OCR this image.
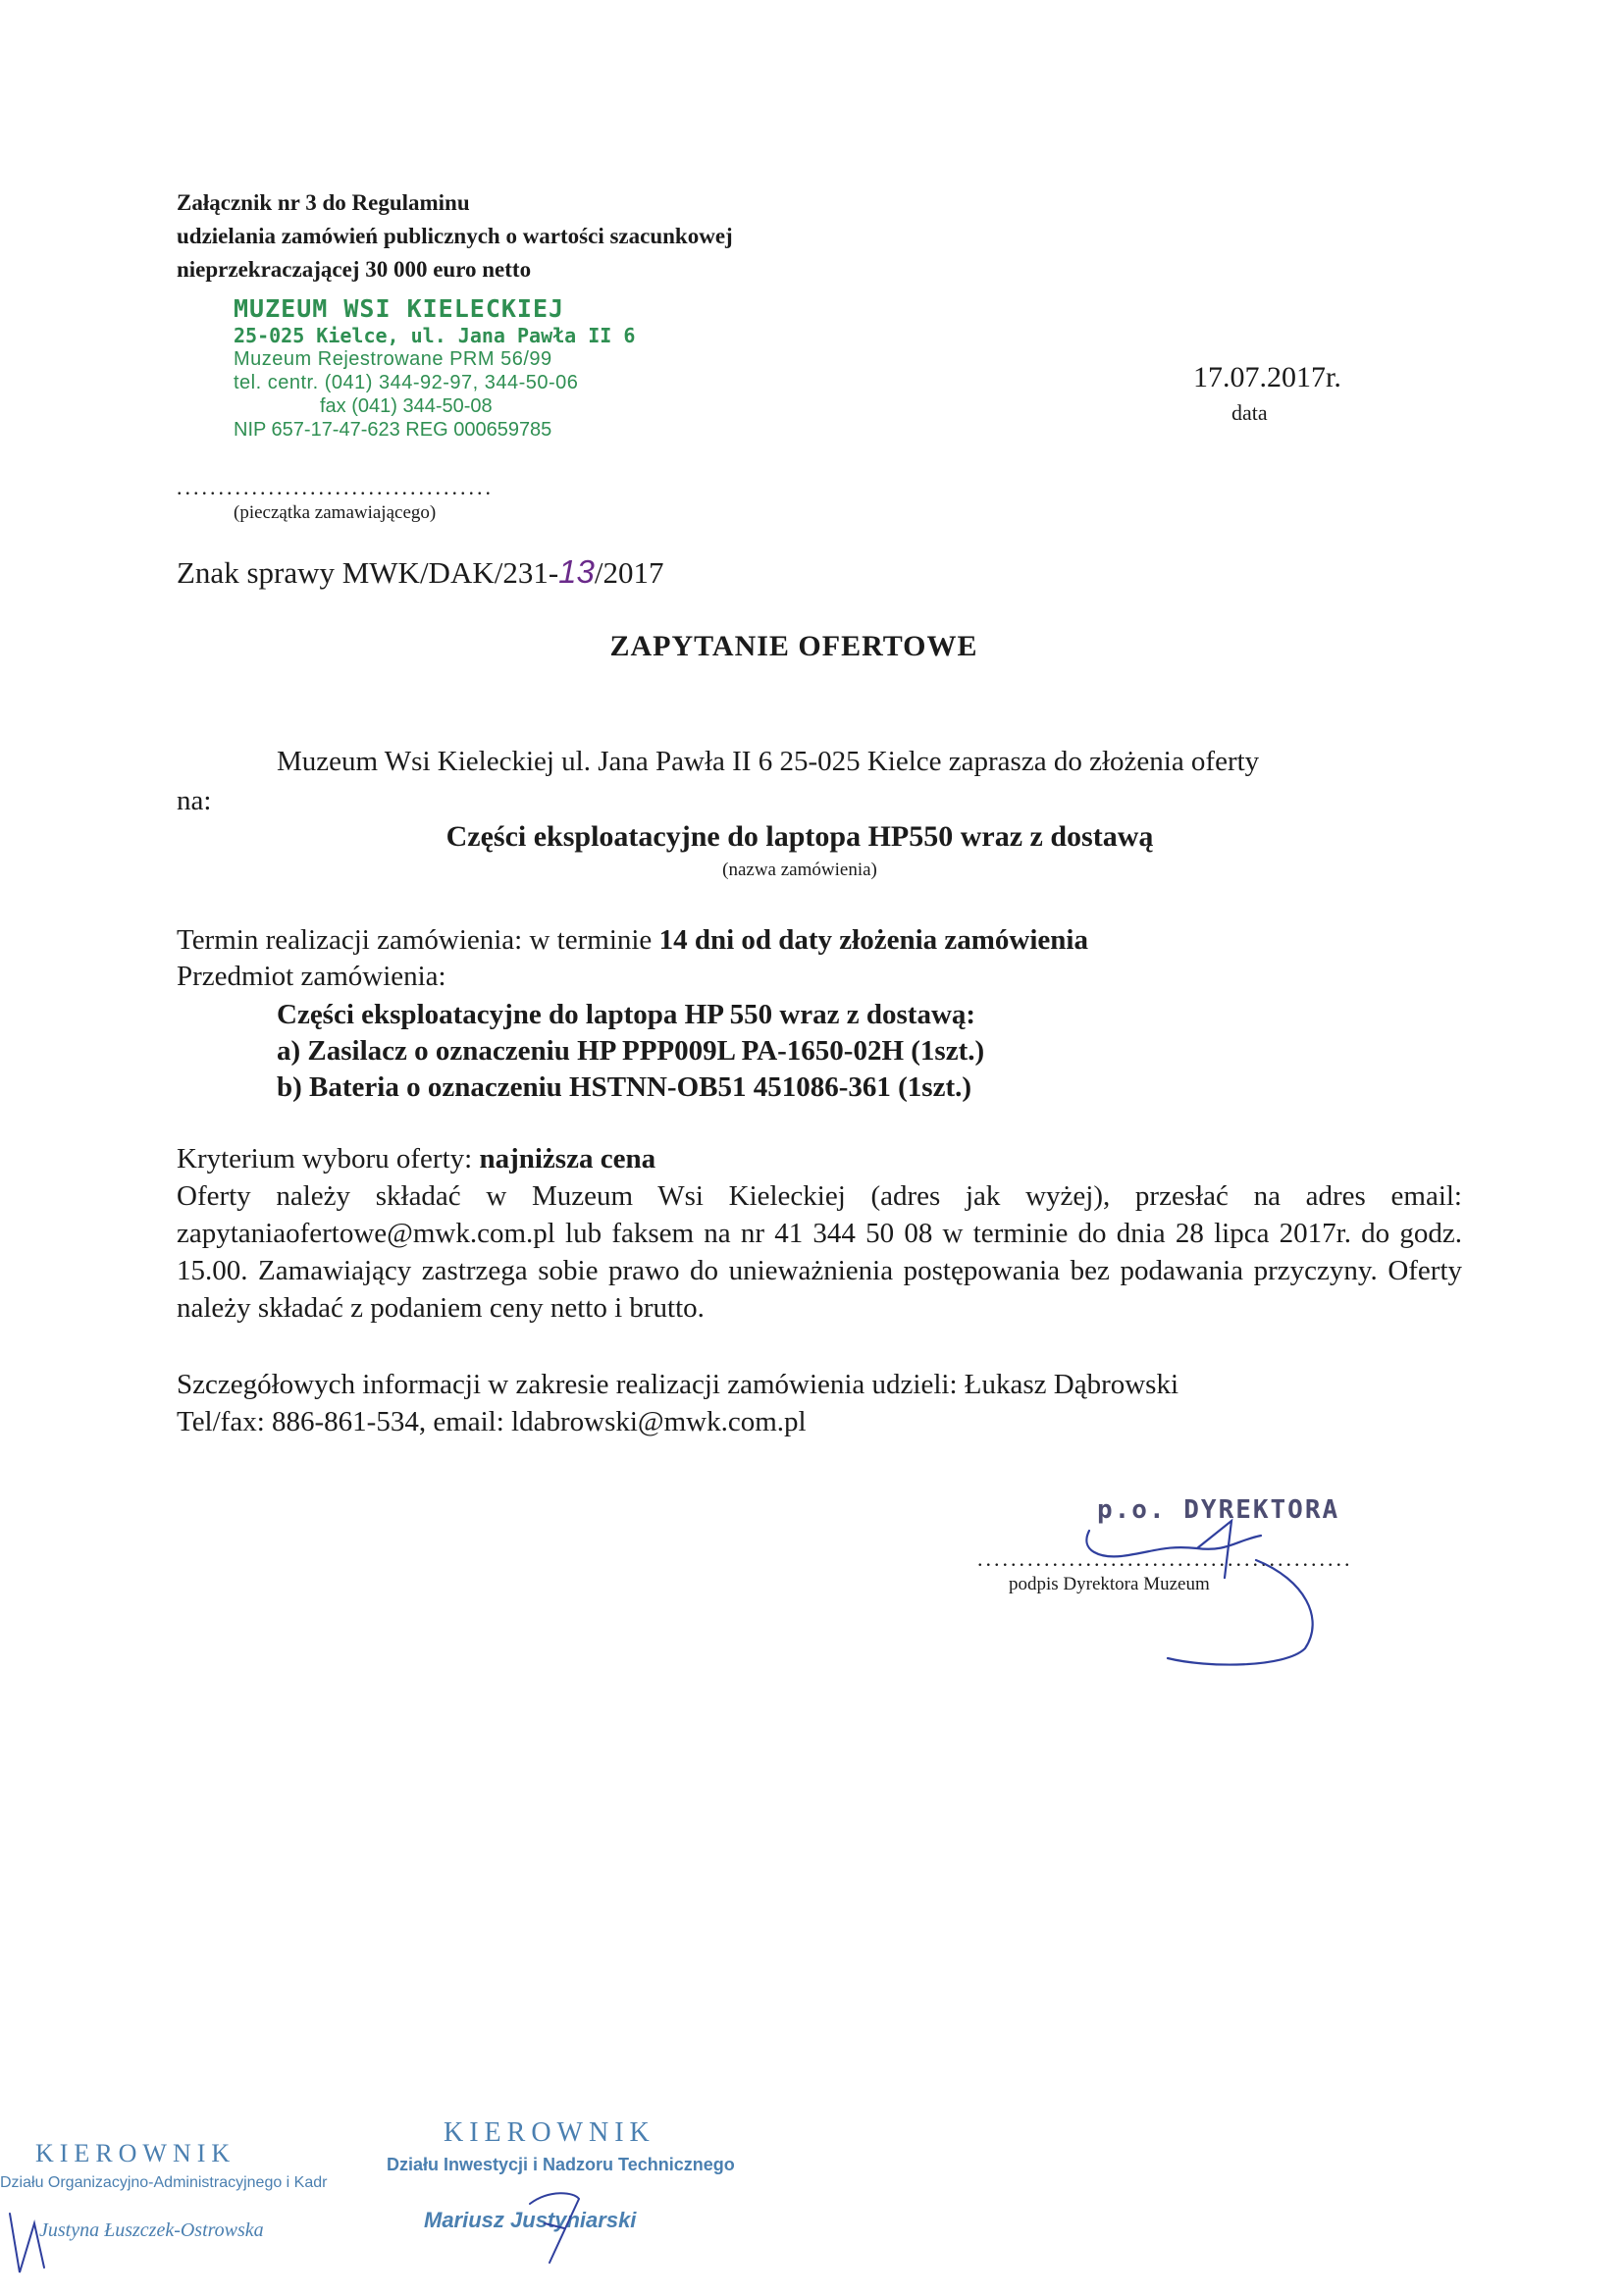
Załącznik nr 3 do Regulaminu
udzielania zamówień publicznych o wartości szacunkowej
nieprzekraczającej 30 000 euro netto
MUZEUM WSI KIELECKIEJ
25-025 Kielce, ul. Jana Pawła II 6
Muzeum Rejestrowane PRM 56/99
tel. centr. (041) 344-92-97, 344-50-06
fax (041) 344-50-08
NIP 657-17-47-623 REG 000659785
......................................
(pieczątka zamawiającego)
17.07.2017r.
data
Znak sprawy MWK/DAK/231-13/2017
ZAPYTANIE OFERTOWE
Muzeum Wsi Kieleckiej ul. Jana Pawła II 6 25-025 Kielce zaprasza do złożenia oferty
na:
Części eksploatacyjne do laptopa HP550 wraz z dostawą
(nazwa zamówienia)
Termin realizacji zamówienia: w terminie 14 dni od daty złożenia zamówienia
Przedmiot zamówienia:
Części eksploatacyjne do laptopa HP 550 wraz z dostawą:
a) Zasilacz o oznaczeniu HP PPP009L PA-1650-02H (1szt.)
b) Bateria o oznaczeniu HSTNN-OB51 451086-361 (1szt.)
Kryterium wyboru oferty: najniższa cena
Oferty należy składać w Muzeum Wsi Kieleckiej (adres jak wyżej), przesłać na adres email: zapytaniaofertowe@mwk.com.pl lub faksem na nr 41 344 50 08 w terminie do dnia 28 lipca 2017r. do godz. 15.00. Zamawiający zastrzega sobie prawo do unieważnienia postępowania bez podawania przyczyny. Oferty należy składać z podaniem ceny netto i brutto.
Szczegółowych informacji w zakresie realizacji zamówienia udzieli: Łukasz Dąbrowski
Tel/fax: 886-861-534, email: ldabrowski@mwk.com.pl
p.o. DYREKTORA
.............................................
podpis Dyrektora Muzeum
KIEROWNIK
Działu Organizacyjno-Administracyjnego i Kadr
Justyna Łuszczek-Ostrowska
KIEROWNIK
Działu Inwestycji i Nadzoru Technicznego
Mariusz Justyniarski
